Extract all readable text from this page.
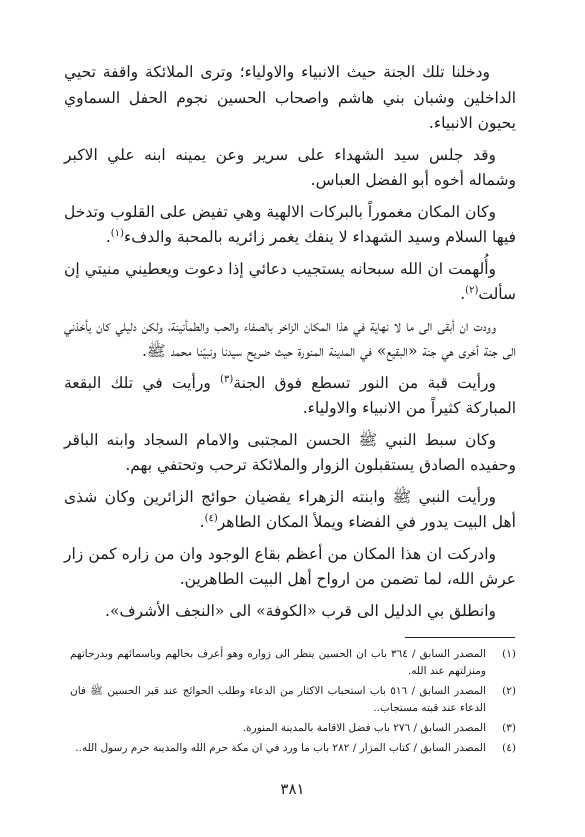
ودخلنا تلك الجنة حيث الانبياء والاولياء؛ وترى الملائكة واقفة تحيي الداخلين وشبان بني هاشم واصحاب الحسين نجوم الحفل السماوي يحيون الانبياء.

وقد جلس سيد الشهداء على سرير وعن يمينه ابنه علي الاكبر وشماله أخوه أبو الفضل العباس.

وكان المكان مغموراً بالبركات الالهية وهي تفيض على القلوب وتدخل فيها السلام وسيد الشهداء لا ينفك يغمر زائريه بالمحبة والدفء$^{(١)}$.

وأُلهمت ان الله سبحانه يستجيب دعائي إذا دعوت ويعطيني منيتي إن سألت$^{(٢)}$.

وودت ان أبقى الى ما لا نهاية في هذا المكان الزاخر بالصفاء والحب والطمأنينة، ولكن دليلي كان يأخذني الى جنة أخرى هي جنة «البقيع» في المدينة المنورة حيث ضريح سيدنا ونبيّنا محمد ﷺ.

ورأيت قبة من النور تسطع فوق الجنة$^{(٣)}$ ورأيت في تلك البقعة المباركة كثيراً من الانبياء والاولياء.

وكان سبط النبي ﷺ الحسن المجتبى والامام السجاد وابنه الباقر وحفيده الصادق يستقبلون الزوار والملائكة ترحب وتحتفي بهم.

ورأيت النبي ﷺ وابنته الزهراء يقضيان حوائج الزائرين وكان شذى أهل البيت يدور في الفضاء ويملأ المكان الطاهر$^{(٤)}$.

وادركت ان هذا المكان من أعظم بقاع الوجود وان من زاره كمن زار عرش الله، لما تضمن من ارواح أهل البيت الطاهرين.

وانطلق بي الدليل الى قرب «الكوفة» الى «النجف الأشرف».

(١)
المصدر السابق / ٣٦٤ باب ان الحسين ينظر الى زواره وهو أعرف بحالهم وباسمائهم وبدرجاتهم ومنزلتهم عند الله.
(٢)
المصدر السابق / ٥١٦ باب استحباب الاكثار من الدعاء وطلب الحوائج عند قبر الحسين ﷺ فان الدعاء عند قبته مستجاب..
(٣)
المصدر السابق / ٢٧٦ باب فضل الاقامة بالمدينة المنورة.
(٤)
المصدر السابق / كتاب المزار / ٢٨٢ باب ما ورد في ان مكة حرم الله والمدينة حرم رسول الله..
٣٨١
